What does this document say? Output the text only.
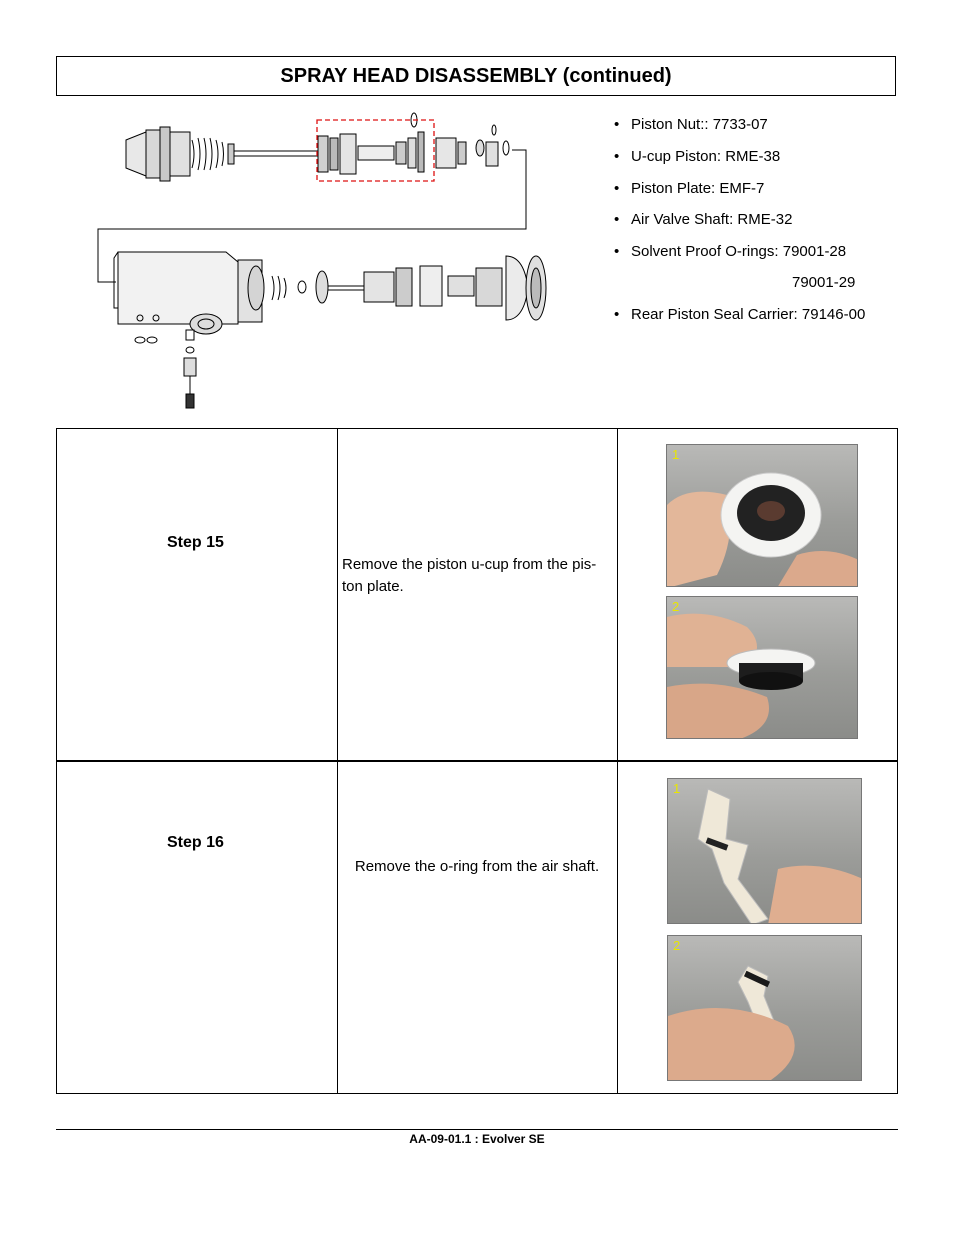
SPRAY HEAD DISASSEMBLY (continued)
• Piston Nut:: 7733-07
• U-cup Piston: RME-38
• Piston Plate: EMF-7
• Air Valve Shaft: RME-32
• Solvent Proof O-rings: 79001-28
79001-29
• Rear Piston Seal Carrier: 79146-00
Step 15
Remove the piston u-cup from the pis-
ton plate.
1
2
Step 16
Remove the o-ring from the air shaft.
1
2
AA-09-01.1 : Evolver SE
